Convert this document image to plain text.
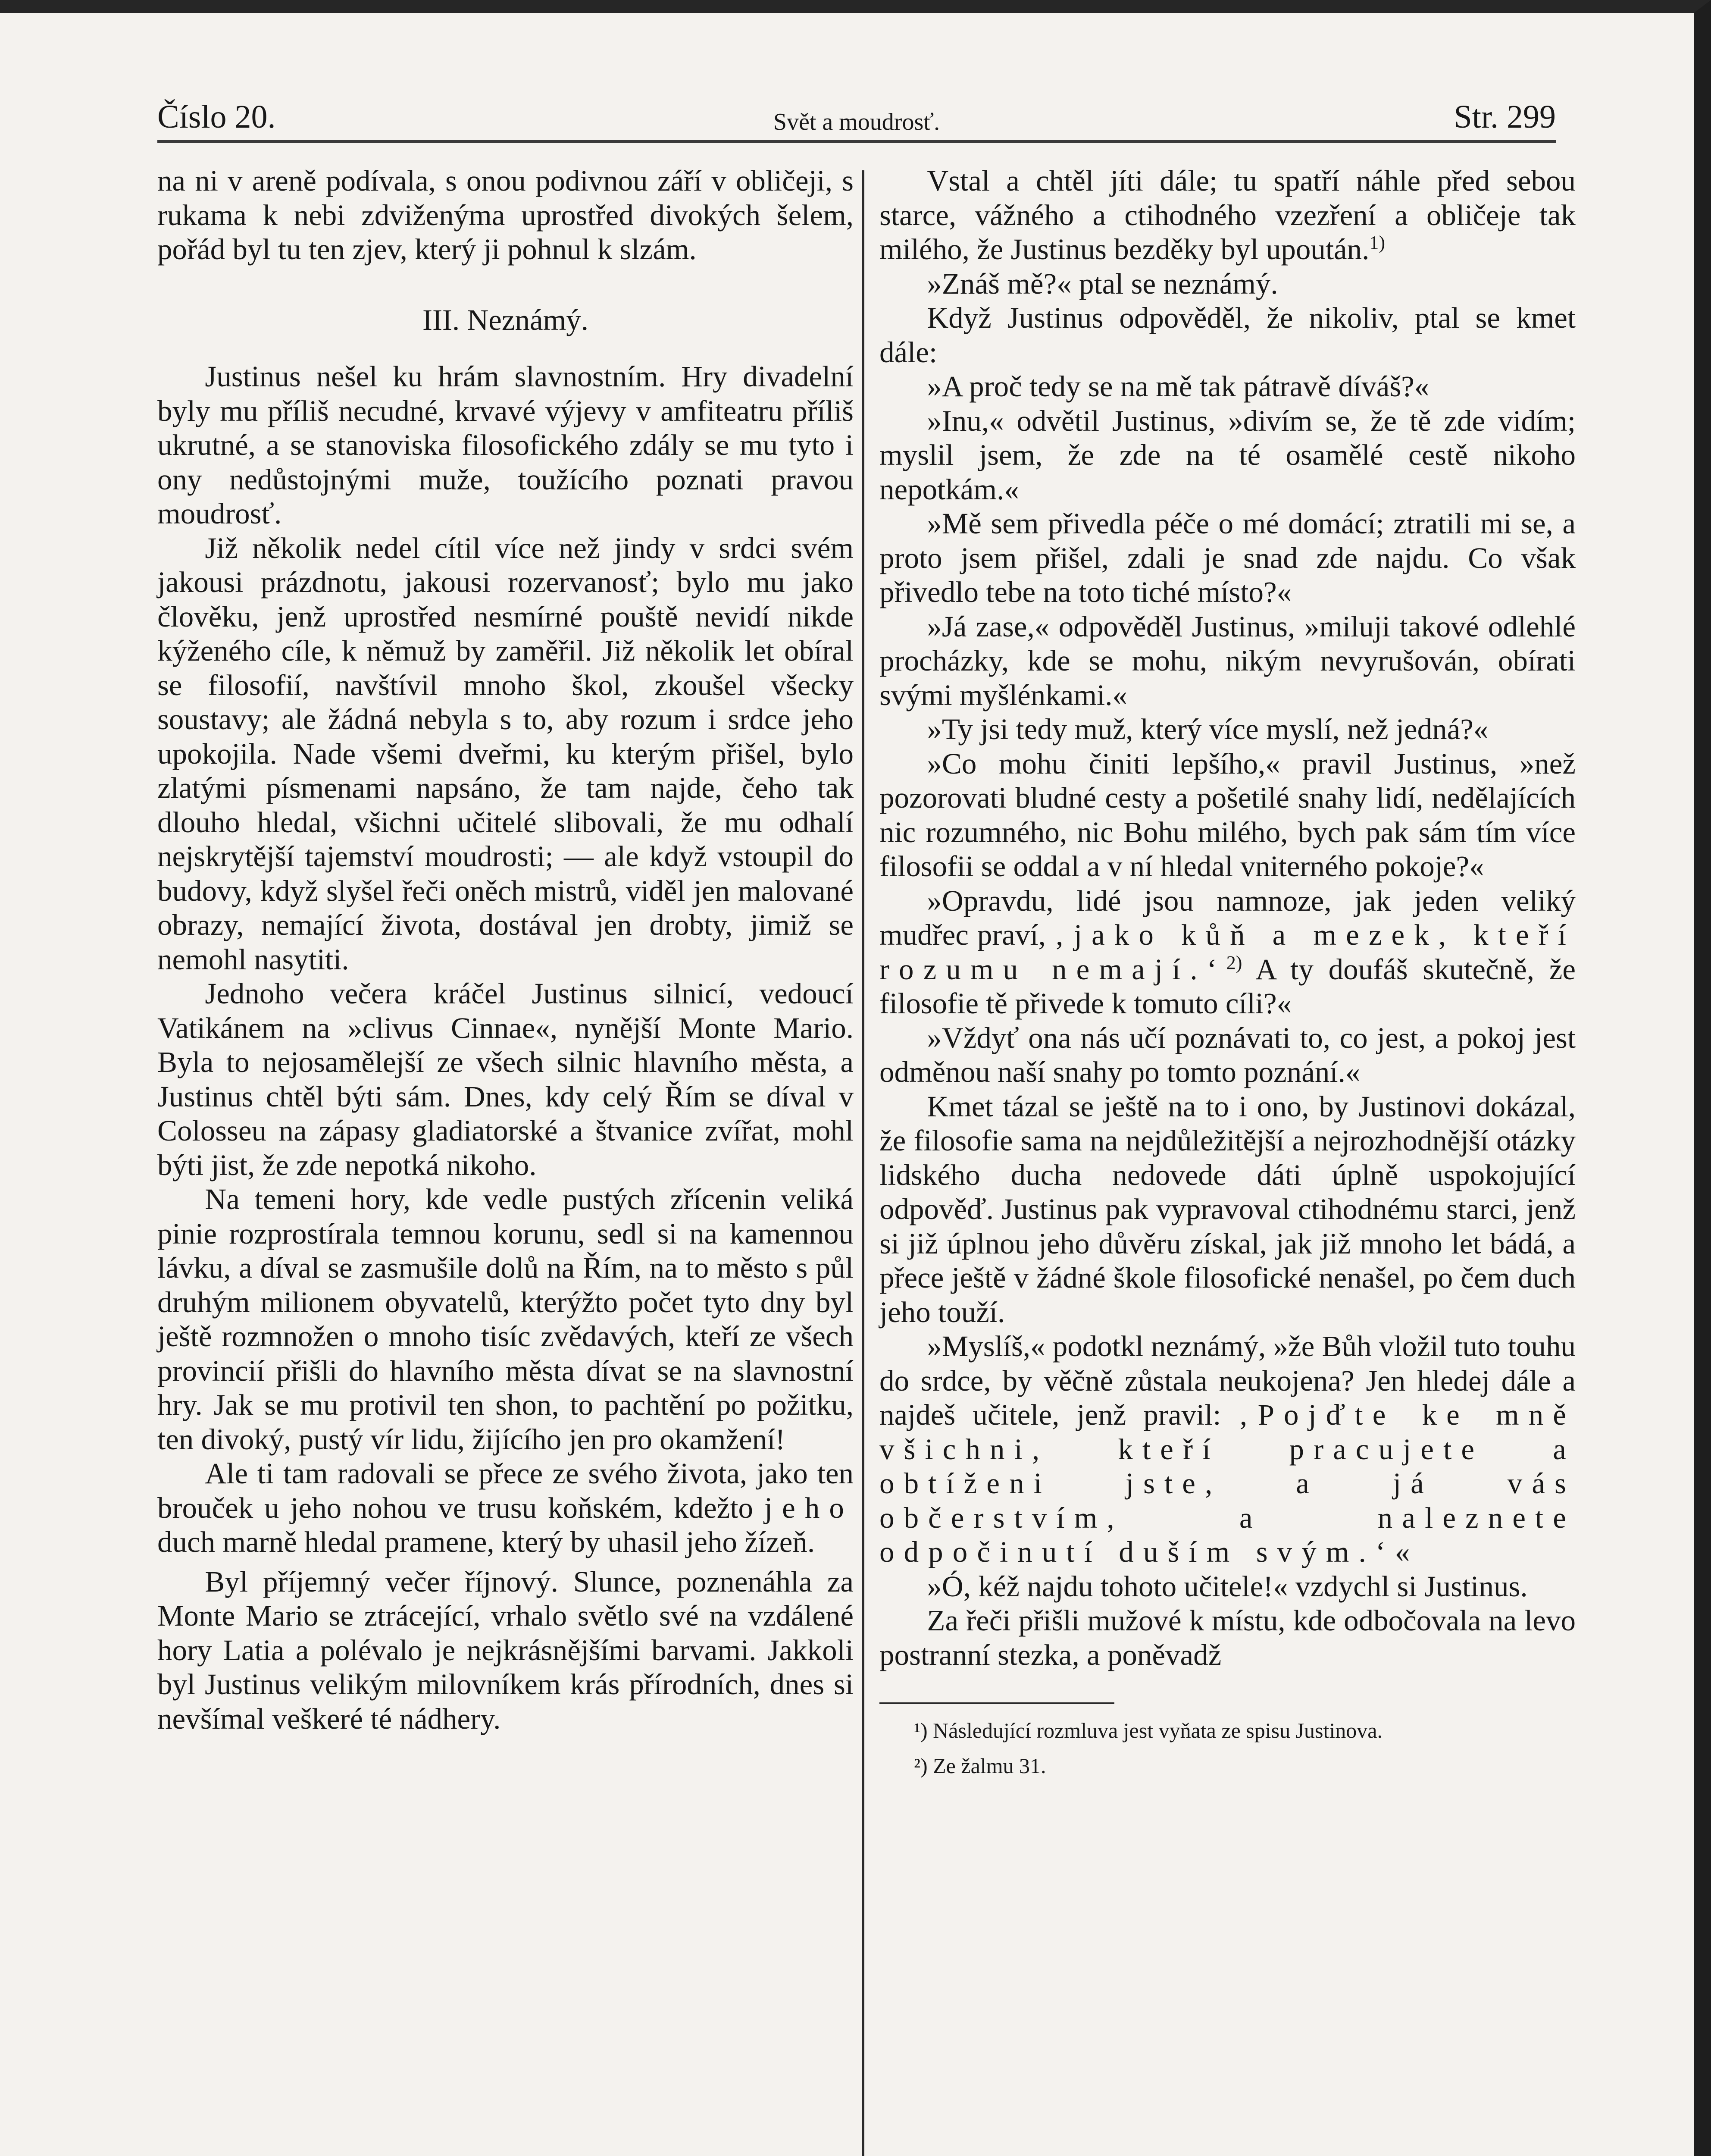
Číslo 20.	Svět a moudrosť.	Str. 299

na ni v areně podívala, s onou podivnou září v obličeji, s rukama k nebi zdviženýma uprostřed divokých šelem, pořád byl tu ten zjev, který ji pohnul k slzám.

III. Neznámý.

Justinus nešel ku hrám slavnostním. Hry divadelní byly mu příliš necudné, krvavé výjevy v amfiteatru příliš ukrutné, a se stanoviska filosofického zdály se mu tyto i ony nedůstojnými muže, toužícího poznati pravou moudrosť.

Již několik nedel cítil více než jindy v srdci svém jakousi prázdnotu, jakousi rozervanosť; bylo mu jako člověku, jenž uprostřed nesmírné pouště nevidí nikde kýženého cíle, k němuž by zaměřil. Již několik let obíral se filosofií, navštívil mnoho škol, zkoušel všecky soustavy; ale žádná nebyla s to, aby rozum i srdce jeho upokojila. Nade všemi dveřmi, ku kterým přišel, bylo zlatými písmenami napsáno, že tam najde, čeho tak dlouho hledal, všichni učitelé slibovali, že mu odhalí nejskrytější tajemství moudrosti; — ale když vstoupil do budovy, když slyšel řeči oněch mistrů, viděl jen malované obrazy, nemající života, dostával jen drobty, jimiž se nemohl nasytiti.

Jednoho večera kráčel Justinus silnicí, vedoucí Vatikánem na »clivus Cinnae«, nynější Monte Mario. Byla to nejosamělejší ze všech silnic hlavního města, a Justinus chtěl býti sám. Dnes, kdy celý Řím se díval v Colosseu na zápasy gladiatorské a štvanice zvířat, mohl býti jist, že zde nepotká nikoho.

Na temeni hory, kde vedle pustých zřícenin veliká pinie rozprostírala temnou korunu, sedl si na kamennou lávku, a díval se zasmušile dolů na Řím, na to město s půl druhým milionem obyvatelů, kterýžto počet tyto dny byl ještě rozmnožen o mnoho tisíc zvědavých, kteří ze všech provincií přišli do hlavního města dívat se na slavnostní hry. Jak se mu protivil ten shon, to pachtění po požitku, ten divoký, pustý vír lidu, žijícího jen pro okamžení!

Ale ti tam radovali se přece ze svého života, jako ten brouček u jeho nohou ve trusu koňském, kdežto jeho duch marně hledal pramene, který by uhasil jeho žízeň.

Byl příjemný večer říjnový. Slunce, poznenáhla za Monte Mario se ztrácející, vrhalo světlo své na vzdálené hory Latia a polévalo je nejkrásnějšími barvami. Jakkoli byl Justinus velikým milovníkem krás přírodních, dnes si nevšímal veškeré té nádhery.

Vstal a chtěl jíti dále; tu spatří náhle před sebou starce, vážného a ctihodného vzezření a obličeje tak milého, že Justinus bezděky byl upoután.$^{1)}$

»Znáš mě?« ptal se neznámý.

Když Justinus odpověděl, že nikoliv, ptal se kmet dále:

»A proč tedy se na mě tak pátravě díváš?«

»Inu,« odvětil Justinus, »divím se, že tě zde vidím; myslil jsem, že zde na té osamělé cestě nikoho nepotkám.«

»Mě sem přivedla péče o mé domácí; ztratili mi se, a proto jsem přišel, zdali je snad zde najdu. Co však přivedlo tebe na toto tiché místo?«

»Já zase,« odpověděl Justinus, »miluji takové odlehlé procházky, kde se mohu, nikým nevyrušován, obírati svými myšlénkami.«

»Ty jsi tedy muž, který více myslí, než jedná?«

»Co mohu činiti lepšího,« pravil Justinus, »než pozorovati bludné cesty a pošetilé snahy lidí, nedělajících nic rozumného, nic Bohu milého, bych pak sám tím více filosofii se oddal a v ní hledal vniterného pokoje?«

»Opravdu, lidé jsou namnoze, jak jeden veliký mudřec praví, ‚jako kůň a mezek, kteří rozumu nemají.‘$^{2)}$ A ty doufáš skutečně, že filosofie tě přivede k tomuto cíli?«

»Vždyť ona nás učí poznávati to, co jest, a pokoj jest odměnou naší snahy po tomto poznání.«

Kmet tázal se ještě na to i ono, by Justinovi dokázal, že filosofie sama na nejdůležitější a nejrozhodnější otázky lidského ducha nedovede dáti úplně uspokojující odpověď. Justinus pak vypravoval ctihodnému starci, jenž si již úplnou jeho důvěru získal, jak již mnoho let bádá, a přece ještě v žádné škole filosofické nenašel, po čem duch jeho touží.

»Myslíš,« podotkl neznámý, »že Bůh vložil tuto touhu do srdce, by věčně zůstala neukojena? Jen hledej dále a najdeš učitele, jenž pravil: ‚Pojďte ke mně všichni, kteří pracujete a obtíženi jste, a já vás občerstvím, a naleznete odpočinutí duším svým.‘«

»Ó, kéž najdu tohoto učitele!« vzdychl si Justinus.

Za řeči přišli mužové k místu, kde odbočovala na levo postranní stezka, a poněvadž

¹) Následující rozmluva jest vyňata ze spisu Justinova.

²) Ze žalmu 31.
